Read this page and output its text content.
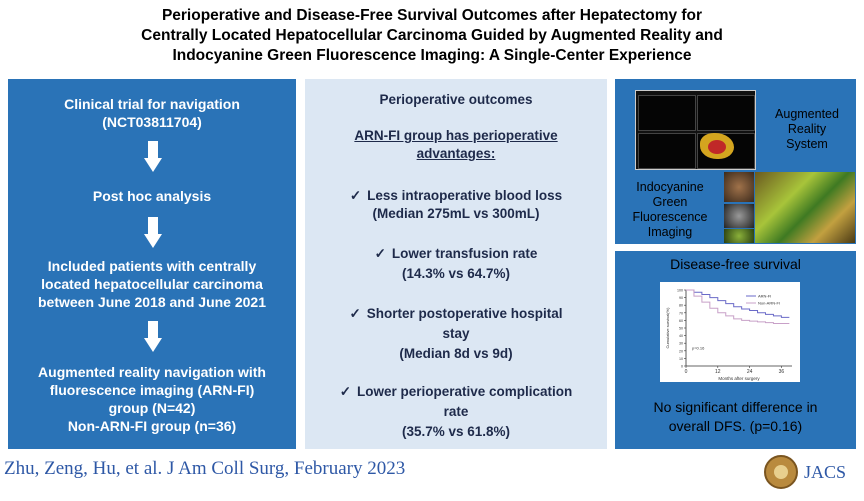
Perioperative and Disease-Free Survival Outcomes after Hepatectomy for
Centrally Located Hepatocellular Carcinoma Guided by Augmented Reality and
Indocyanine Green Fluorescence Imaging: A Single-Center Experience
Clinical trial for navigation
(NCT03811704)
Post hoc analysis
Included patients with centrally
located hepatocellular carcinoma
between June 2018 and June 2021
Augmented reality navigation with
fluorescence imaging (ARN-FI)
group (N=42)
Non-ARN-FI group (n=36)
Perioperative outcomes
ARN-FI group has perioperative
advantages:
✓ Less intraoperative blood loss
(Median 275mL vs 300mL)
✓ Lower transfusion rate
(14.3% vs 64.7%)
✓ Shorter postoperative hospital
stay
(Median 8d vs 9d)
✓ Lower perioperative complication
rate
(35.7% vs 61.8%)
Augmented
Reality
System
Indocyanine
Green
Fluorescence
Imaging
Disease-free survival
0
10
20
30
40
50
60
70
80
90
100
0	12	24	36
Months after surgery
Cumulative survival(%)
ARN-FI
Non-ARN-FI
p=0.16
No significant difference in
overall DFS. (p=0.16)
Zhu, Zeng, Hu, et al. J Am Coll Surg, February 2023	JACS
